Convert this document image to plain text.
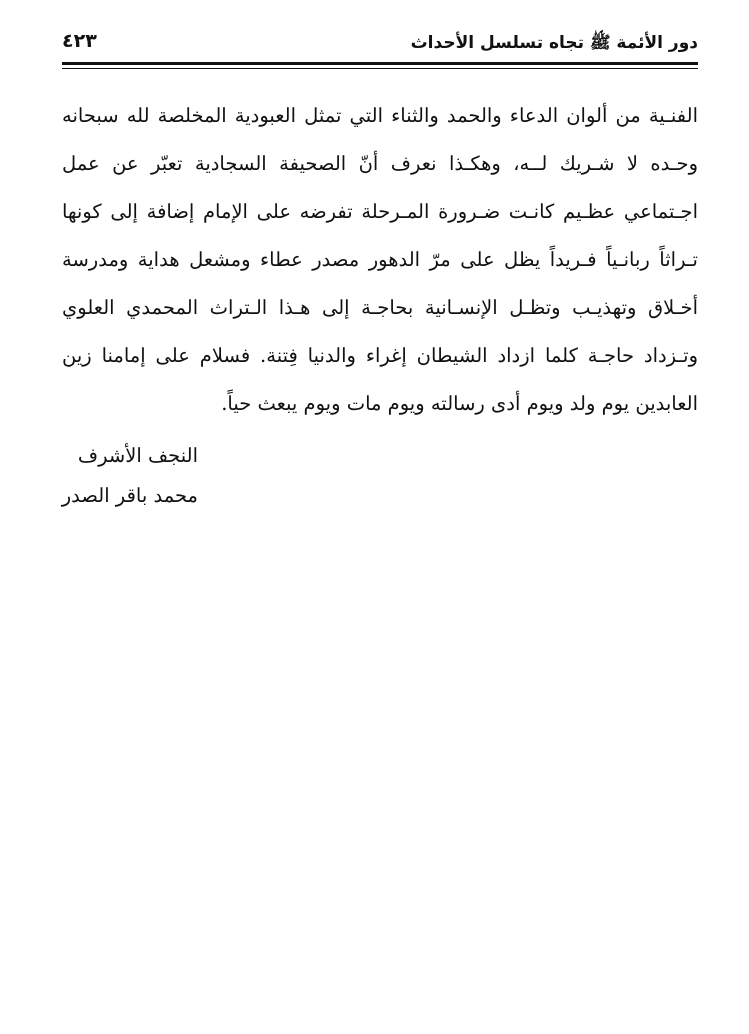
دور الأئمة ﷺ تجاه تسلسل الأحداث
٤٢٣
الفنـية من ألوان الدعاء والحمد والثناء التي تمثل العبودية المخلصة لله سبحانه
وحـده لا شـريك لــه، وهكـذا نعرف أنّ الصحيفة السجادية تعبّر عن عمل
اجـتماعي عظـيم كانـت ضـرورة المـرحلة تفرضه على الإمام إضافة إلى كونها
تـراثاً ربانـياً فـريداً يظل على مرّ الدهور مصدر عطاء ومشعل هداية ومدرسة
أخـلاق وتهذيـب وتظـل الإنسـانية بحاجـة إلى هـذا الـتراث المحمدي العلوي
وتـزداد حاجـة كلما ازداد الشيطان إغراء والدنيا فِتنة. فسلام على إمامنا زين
العابدين يوم ولد ويوم أدى رسالته ويوم مات ويوم يبعث حياً.
النجف الأشرف
محمد باقر الصدر
